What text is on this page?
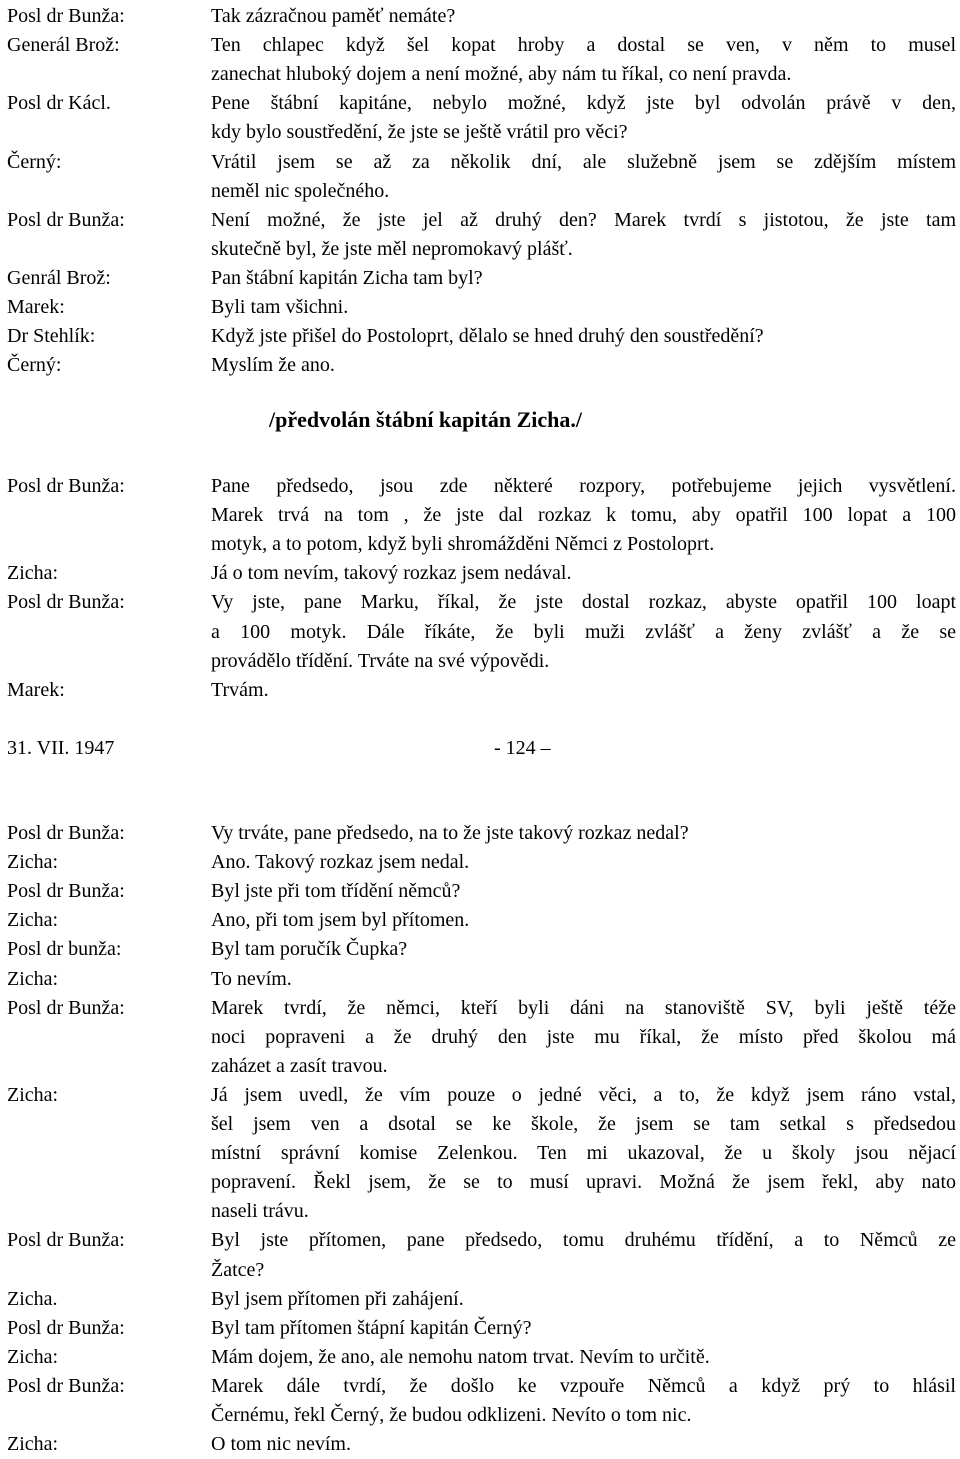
Posl dr Bunža:	Tak zázračnou paměť nemáte?
Generál Brož:	Ten chlapec když šel kopat hroby a dostal se ven, v něm to musel
zanechat hluboký dojem a není možné, aby nám tu říkal, co není pravda.
Posl dr Kácl.	Pene štábní kapitáne, nebylo možné, když jste byl odvolán právě v den,
kdy bylo soustředění, že jste se ještě vrátil pro věci?
Černý:	Vrátil jsem se až za několik dní, ale služebně jsem se zdějším místem
neměl nic společného.
Posl dr Bunža:	Není možné, že jste jel až druhý den? Marek tvrdí s jistotou, že jste tam
skutečně byl, že jste měl nepromokavý plášť.
Genrál Brož:	Pan štábní kapitán Zicha tam byl?
Marek:	Byli tam všichni.
Dr Stehlík:	Když jste přišel do Postoloprt, dělalo se hned druhý den soustředění?
Černý:	Myslím že ano.
/předvolán štábní kapitán Zicha./
Posl dr Bunža:	Pane předsedo, jsou zde některé rozpory, potřebujeme jejich vysvětlení.
Marek trvá na tom , že jste dal rozkaz k tomu, aby opatřil 100 lopat a 100
motyk, a to potom, když byli shromážděni Němci z Postoloprt.
Zicha:	Já o tom nevím, takový rozkaz jsem nedával.
Posl dr Bunža:	Vy jste, pane Marku, říkal, že jste dostal rozkaz, abyste opatřil 100 loapt
a 100 motyk. Dále říkáte, že byli muži zvlášť a ženy zvlášť a že se
provádělo třídění. Trváte na své výpovědi.
Marek:	Trvám.
31. VII. 1947	- 124 –
Posl dr Bunža:	Vy trváte, pane předsedo, na to že jste takový rozkaz nedal?
Zicha:	Ano. Takový rozkaz jsem nedal.
Posl dr Bunža:	Byl jste při tom třídění němců?
Zicha:	Ano, při tom jsem byl přítomen.
Posl dr bunža:	Byl tam poručík Čupka?
Zicha:	To nevím.
Posl dr Bunža:	Marek tvrdí, že němci, kteří byli dáni na stanoviště SV, byli ještě téže
noci popraveni a že druhý den jste mu říkal, že místo před školou má
zaházet a zasít travou.
Zicha:	Já jsem uvedl, že vím pouze o jedné věci, a to, že když jsem ráno vstal,
šel jsem ven a dsotal se ke škole, že jsem se tam setkal s předsedou
místní správní komise Zelenkou. Ten mi ukazoval, že u školy jsou nějací
popravení. Řekl jsem, že se to musí upravi. Možná že jsem řekl, aby nato
naseli trávu.
Posl dr Bunža:	Byl jste přítomen, pane předsedo, tomu druhému třídění, a to Němců ze
Žatce?
Zicha.	Byl jsem přítomen při zahájení.
Posl dr Bunža:	Byl tam přítomen štápní kapitán Černý?
Zicha:	Mám dojem, že ano, ale nemohu natom trvat. Nevím to určitě.
Posl dr Bunža:	Marek dále tvrdí, že došlo ke vzpouře Němců a když prý to hlásil
Černému, řekl Černý, že budou odklizeni. Nevíto o tom nic.
Zicha:	O tom nic nevím.
